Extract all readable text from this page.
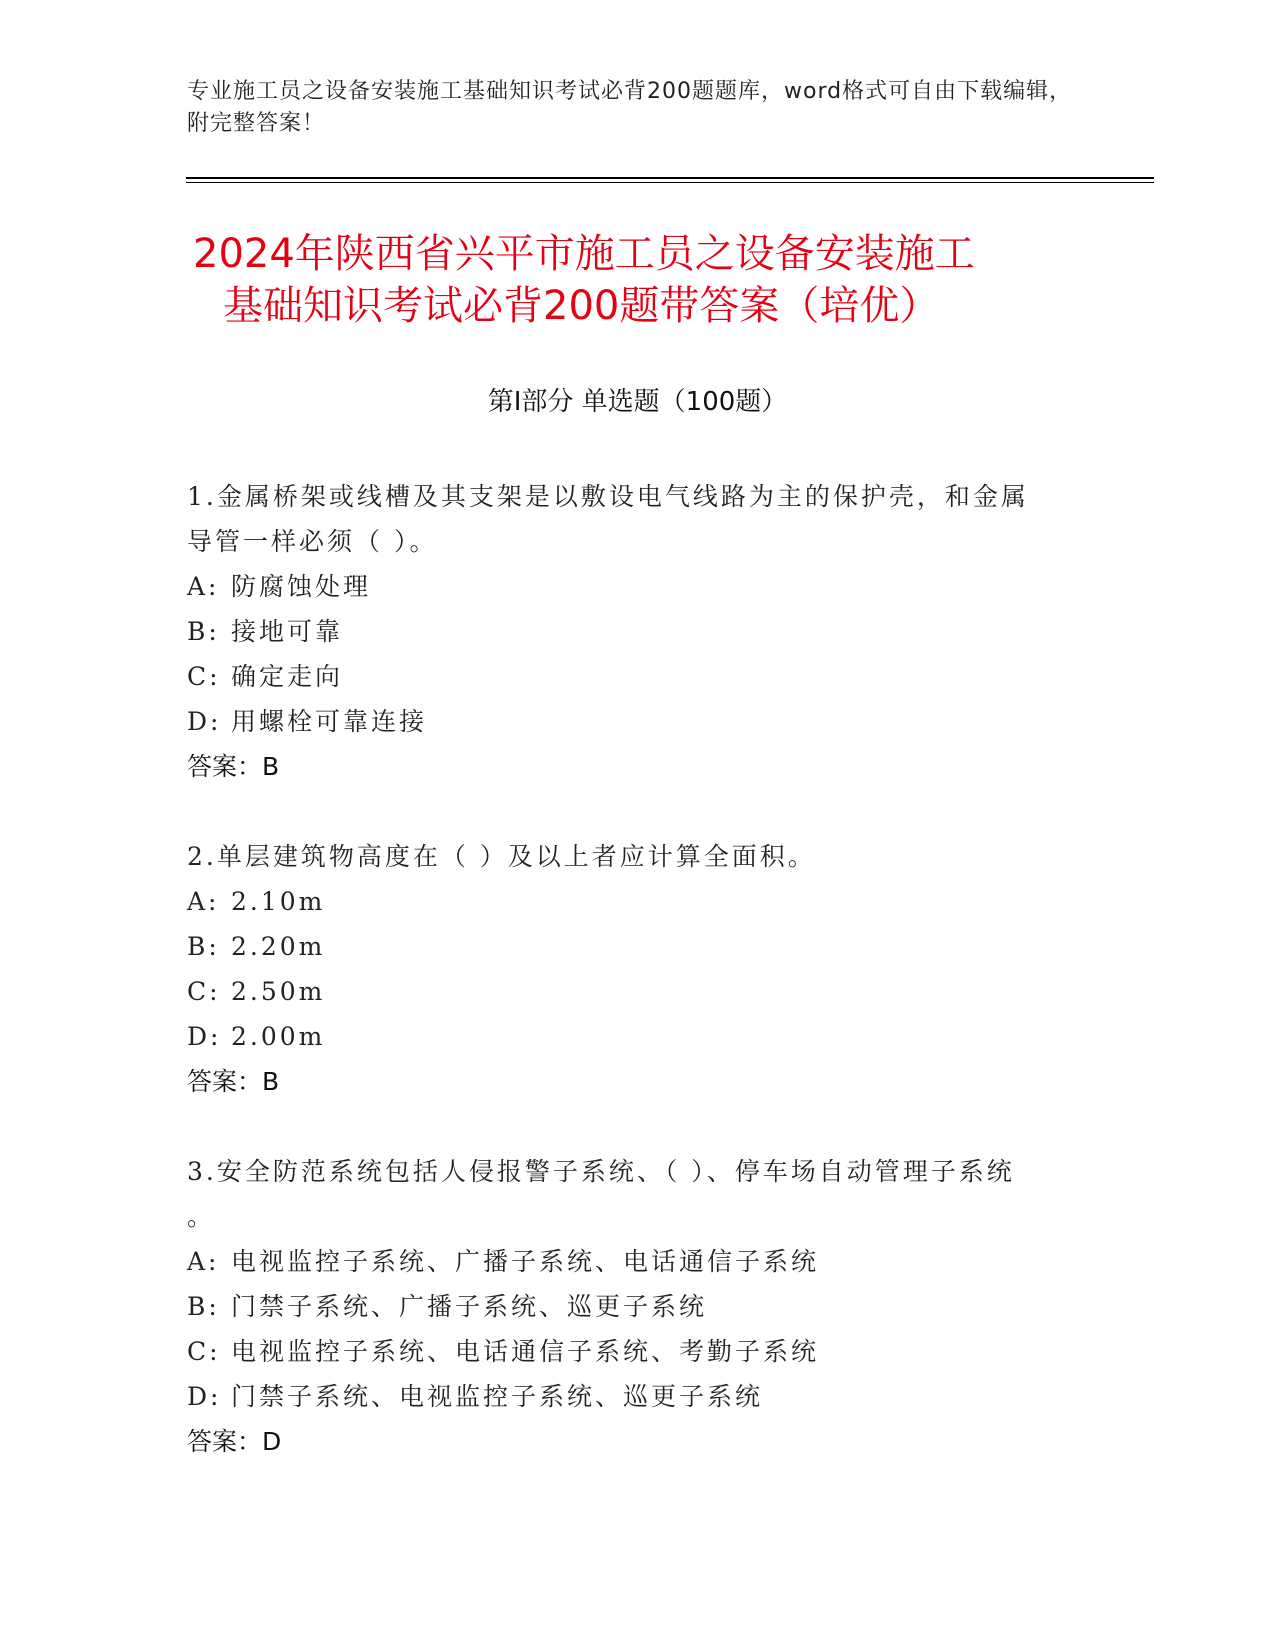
专业施工员之设备安装施工基础知识考试必背200题题库，word格式可自由下载编辑，附完整答案！
2024年陕西省兴平市施工员之设备安装施工
基础知识考试必背200题带答案（培优）
第Ⅰ部分 单选题（100题）
1.金属桥架或线槽及其支架是以敷设电气线路为主的保护壳，和金属
导管一样必须（ ）。
A: 防腐蚀处理
B: 接地可靠
C: 确定走向
D: 用螺栓可靠连接
答案：B
2.单层建筑物高度在（ ）及以上者应计算全面积。
A: 2.10m
B: 2.20m
C: 2.50m
D: 2.00m
答案：B
3.安全防范系统包括人侵报警子系统、（ ）、停车场自动管理子系统
。
A: 电视监控子系统、广播子系统、电话通信子系统
B: 门禁子系统、广播子系统、巡更子系统
C: 电视监控子系统、电话通信子系统、考勤子系统
D: 门禁子系统、电视监控子系统、巡更子系统
答案：D
